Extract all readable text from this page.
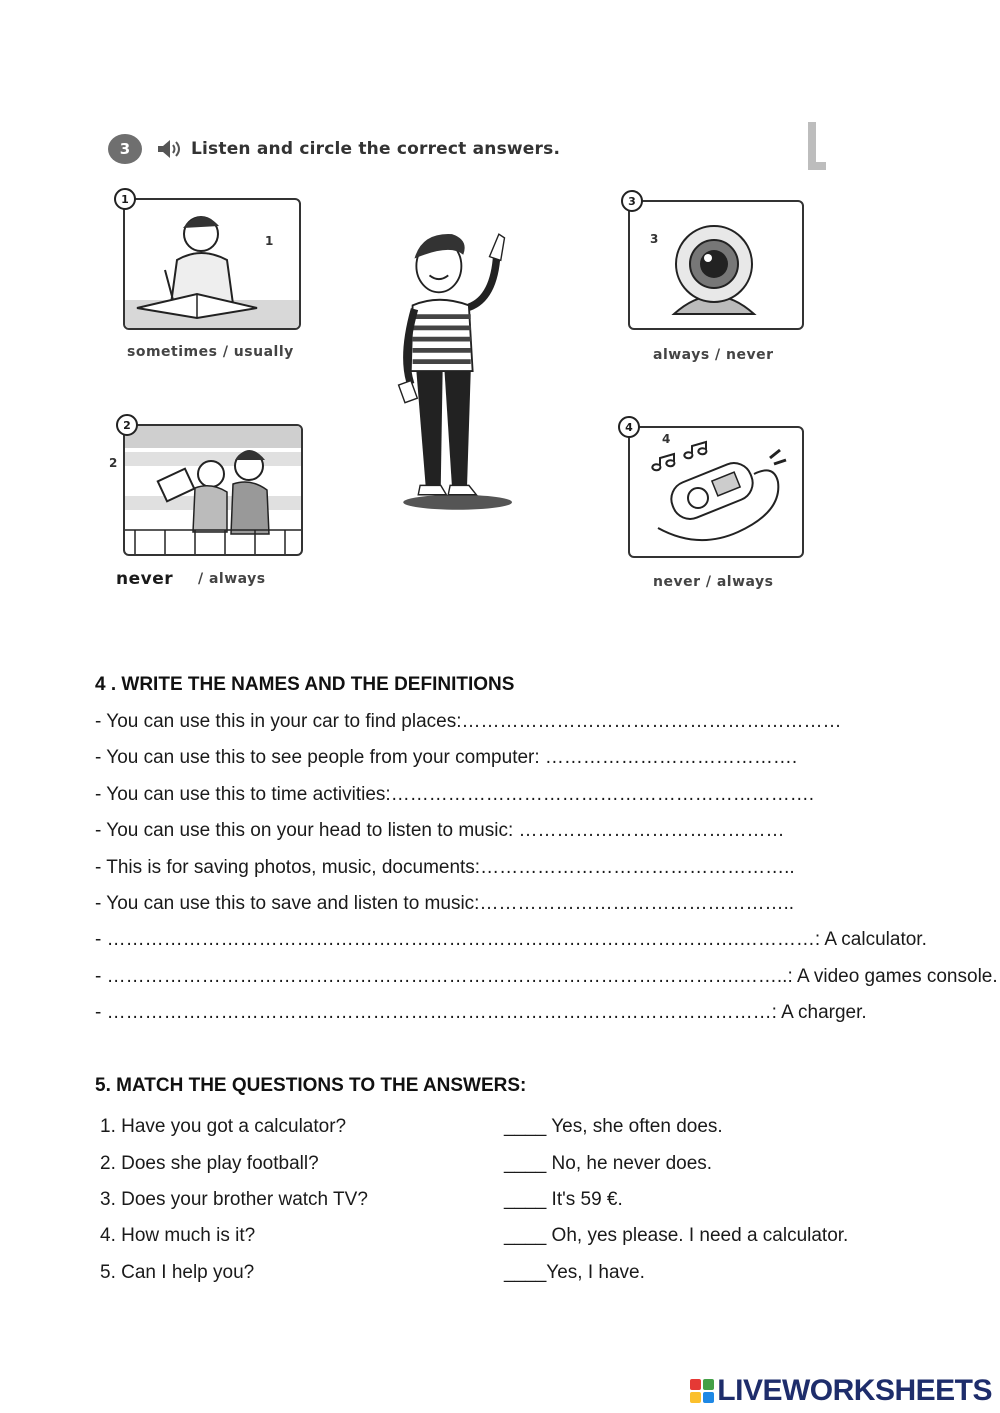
3	Listen and circle the correct answers.
1
1
sometimes / usually
2
2
never / always
3
3
always / never
4
4
never / always
4 . WRITE THE NAMES AND THE DEFINITIONS
- You can use this in your car to find places:……………………………………………………
- You can use this to see people from your computer: ………………………………….
- You can use this to time activities:………………………………………………………….
- You can use this on your head to listen to music: ……………………………………
- This is for saving photos, music, documents:…………………………………………..
- You can use this to save and listen to music:…………………………………………..
- ……………………………………………………………………………………….…………: A calculator.
- ……………………………………………………………………………………….……..: A video games console.
- ……………………………………………………………………………………………: A charger.
5. MATCH THE QUESTIONS TO THE ANSWERS:
1. Have you got a calculator?
2. Does she play football?
3. Does your brother watch TV?
4. How much is it?
5. Can I help you?
____ Yes, she often does.
____ No, he never does.
____ It's 59 €.
____ Oh, yes please. I need a calculator.
____Yes, I have.
LIVEWORKSHEETS
